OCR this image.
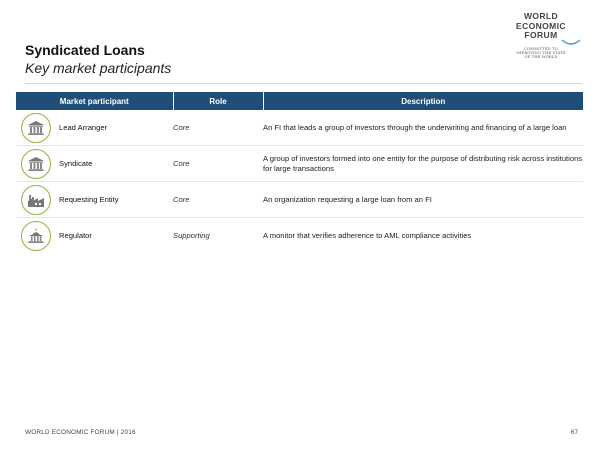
Syndicated Loans
Key market participants
WORLD
ECONOMIC
FORUM
COMMITTED TO
IMPROVING THE STATE
OF THE WORLD
Market participant	Role	Description

Lead Arranger	Core	An FI that leads a group of investors through the underwriting and financing of a large loan

Syndicate	Core	A group of investors formed into one entity for the purpose of distributing risk across institutions for large transactions

Requesting Entity	Core	An organization requesting a large loan from an FI

Regulator	Supporting	A monitor that verifies adherence to AML compliance activities
WORLD ECONOMIC FORUM | 2016	67
